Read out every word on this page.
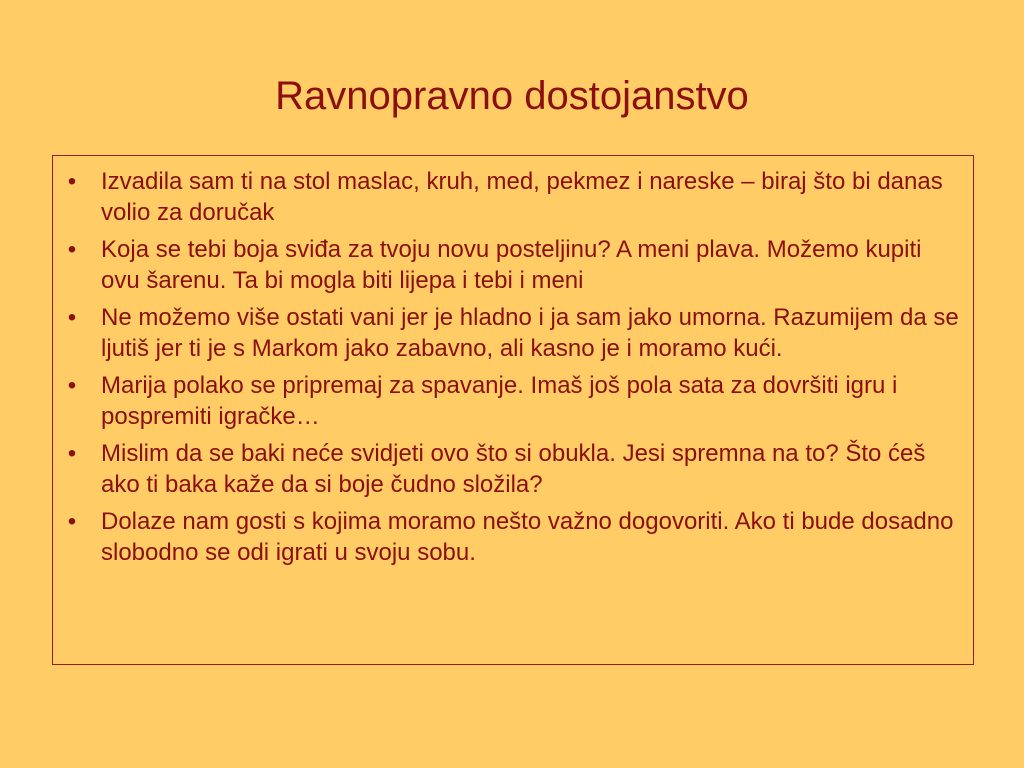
Ravnopravno dostojanstvo
• Izvadila sam ti na stol maslac, kruh, med, pekmez i nareske – biraj što bi danas volio za doručak
• Koja se tebi boja sviđa za tvoju novu posteljinu? A meni plava. Možemo kupiti ovu šarenu. Ta bi mogla biti lijepa i tebi i meni
• Ne možemo više ostati vani jer je hladno i ja sam jako umorna. Razumijem da se ljutiš jer ti je s Markom jako zabavno, ali kasno je i moramo kući.
• Marija polako se pripremaj za spavanje. Imaš još pola sata za dovršiti igru i pospremiti igračke…
• Mislim da se baki neće svidjeti ovo što si obukla. Jesi spremna na to? Što ćeš ako ti baka kaže da si boje čudno složila?
• Dolaze nam gosti s kojima moramo nešto važno dogovoriti. Ako ti bude dosadno slobodno se odi igrati u svoju sobu.
